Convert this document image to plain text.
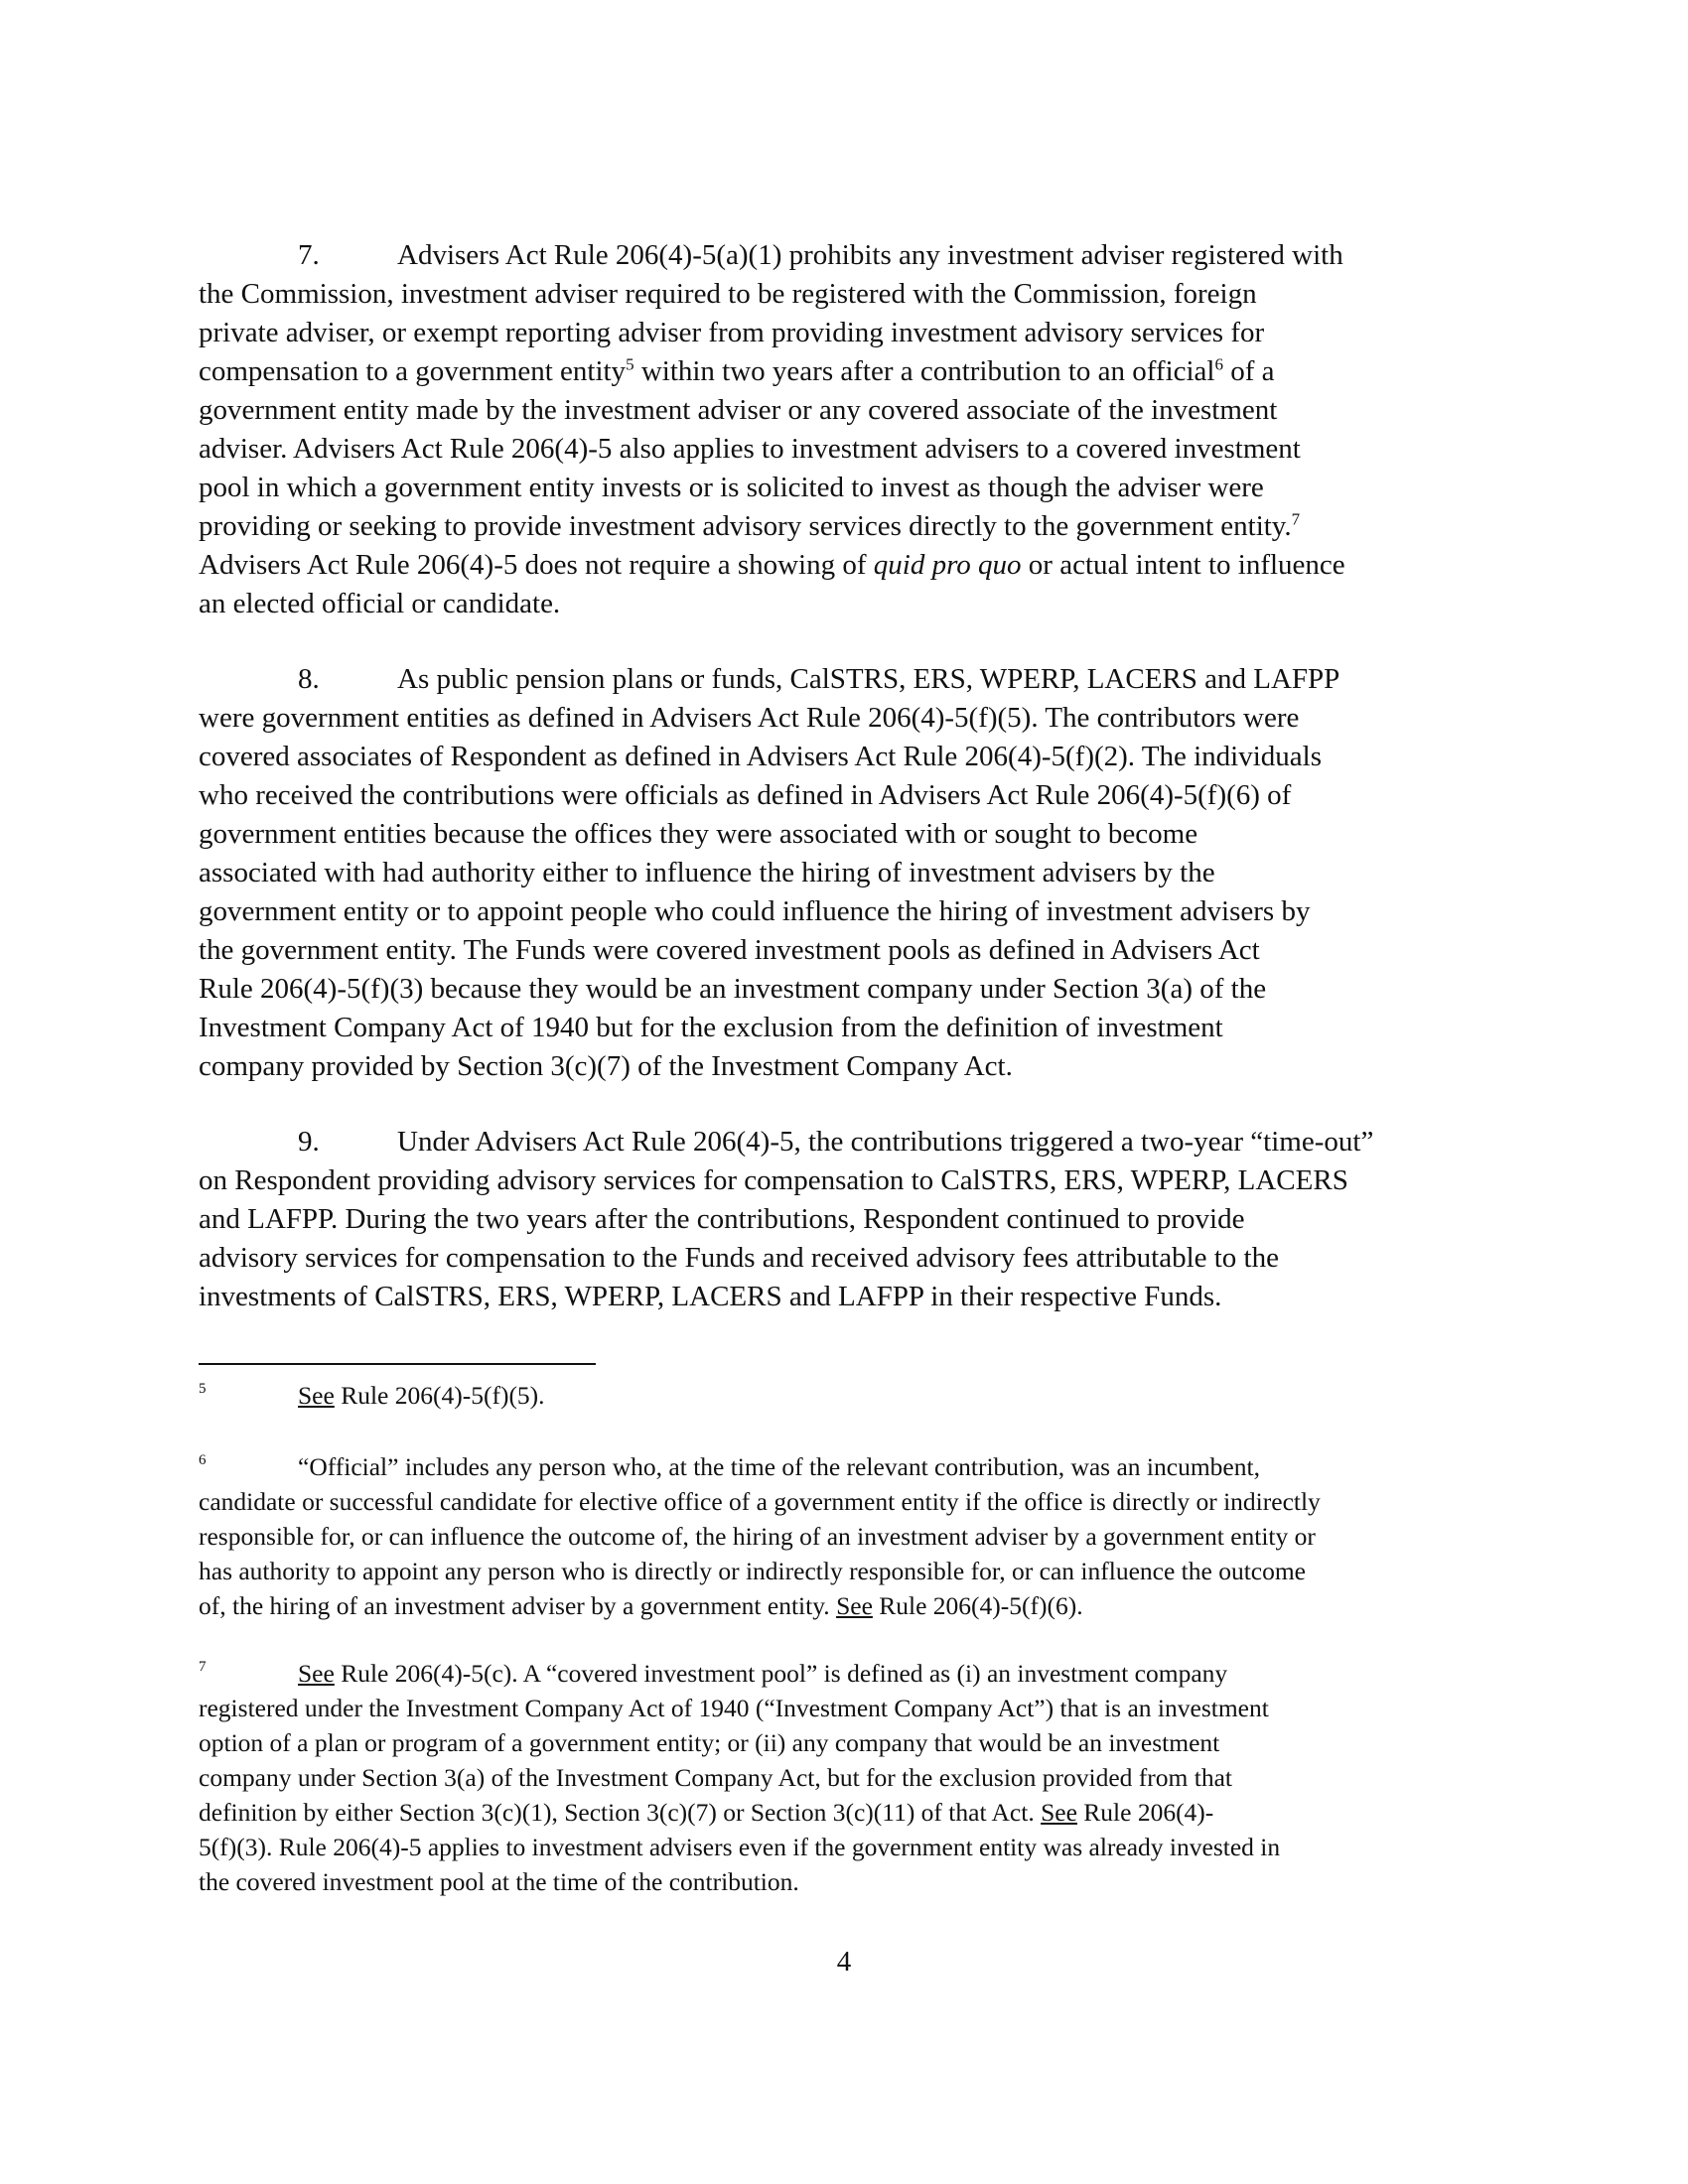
7.	Advisers Act Rule 206(4)-5(a)(1) prohibits any investment adviser registered with
the Commission, investment adviser required to be registered with the Commission, foreign
private adviser, or exempt reporting adviser from providing investment advisory services for
compensation to a government entity$^5$ within two years after a contribution to an official$^6$ of a
government entity made by the investment adviser or any covered associate of the investment
adviser. Advisers Act Rule 206(4)-5 also applies to investment advisers to a covered investment
pool in which a government entity invests or is solicited to invest as though the adviser were
providing or seeking to provide investment advisory services directly to the government entity.$^7$
Advisers Act Rule 206(4)-5 does not require a showing of quid pro quo or actual intent to influence
an elected official or candidate.
8.	As public pension plans or funds, CalSTRS, ERS, WPERP, LACERS and LAFPP
were government entities as defined in Advisers Act Rule 206(4)-5(f)(5). The contributors were
covered associates of Respondent as defined in Advisers Act Rule 206(4)-5(f)(2). The individuals
who received the contributions were officials as defined in Advisers Act Rule 206(4)-5(f)(6) of
government entities because the offices they were associated with or sought to become
associated with had authority either to influence the hiring of investment advisers by the
government entity or to appoint people who could influence the hiring of investment advisers by
the government entity. The Funds were covered investment pools as defined in Advisers Act
Rule 206(4)-5(f)(3) because they would be an investment company under Section 3(a) of the
Investment Company Act of 1940 but for the exclusion from the definition of investment
company provided by Section 3(c)(7) of the Investment Company Act.
9.	Under Advisers Act Rule 206(4)-5, the contributions triggered a two-year “time-out”
on Respondent providing advisory services for compensation to CalSTRS, ERS, WPERP, LACERS
and LAFPP. During the two years after the contributions, Respondent continued to provide
advisory services for compensation to the Funds and received advisory fees attributable to the
investments of CalSTRS, ERS, WPERP, LACERS and LAFPP in their respective Funds.
5	See Rule 206(4)-5(f)(5).
6	“Official” includes any person who, at the time of the relevant contribution, was an incumbent,
candidate or successful candidate for elective office of a government entity if the office is directly or indirectly
responsible for, or can influence the outcome of, the hiring of an investment adviser by a government entity or
has authority to appoint any person who is directly or indirectly responsible for, or can influence the outcome
of, the hiring of an investment adviser by a government entity. See Rule 206(4)-5(f)(6).
7	See Rule 206(4)-5(c). A “covered investment pool” is defined as (i) an investment company
registered under the Investment Company Act of 1940 (“Investment Company Act”) that is an investment
option of a plan or program of a government entity; or (ii) any company that would be an investment
company under Section 3(a) of the Investment Company Act, but for the exclusion provided from that
definition by either Section 3(c)(1), Section 3(c)(7) or Section 3(c)(11) of that Act. See Rule 206(4)-
5(f)(3). Rule 206(4)-5 applies to investment advisers even if the government entity was already invested in
the covered investment pool at the time of the contribution.
4
